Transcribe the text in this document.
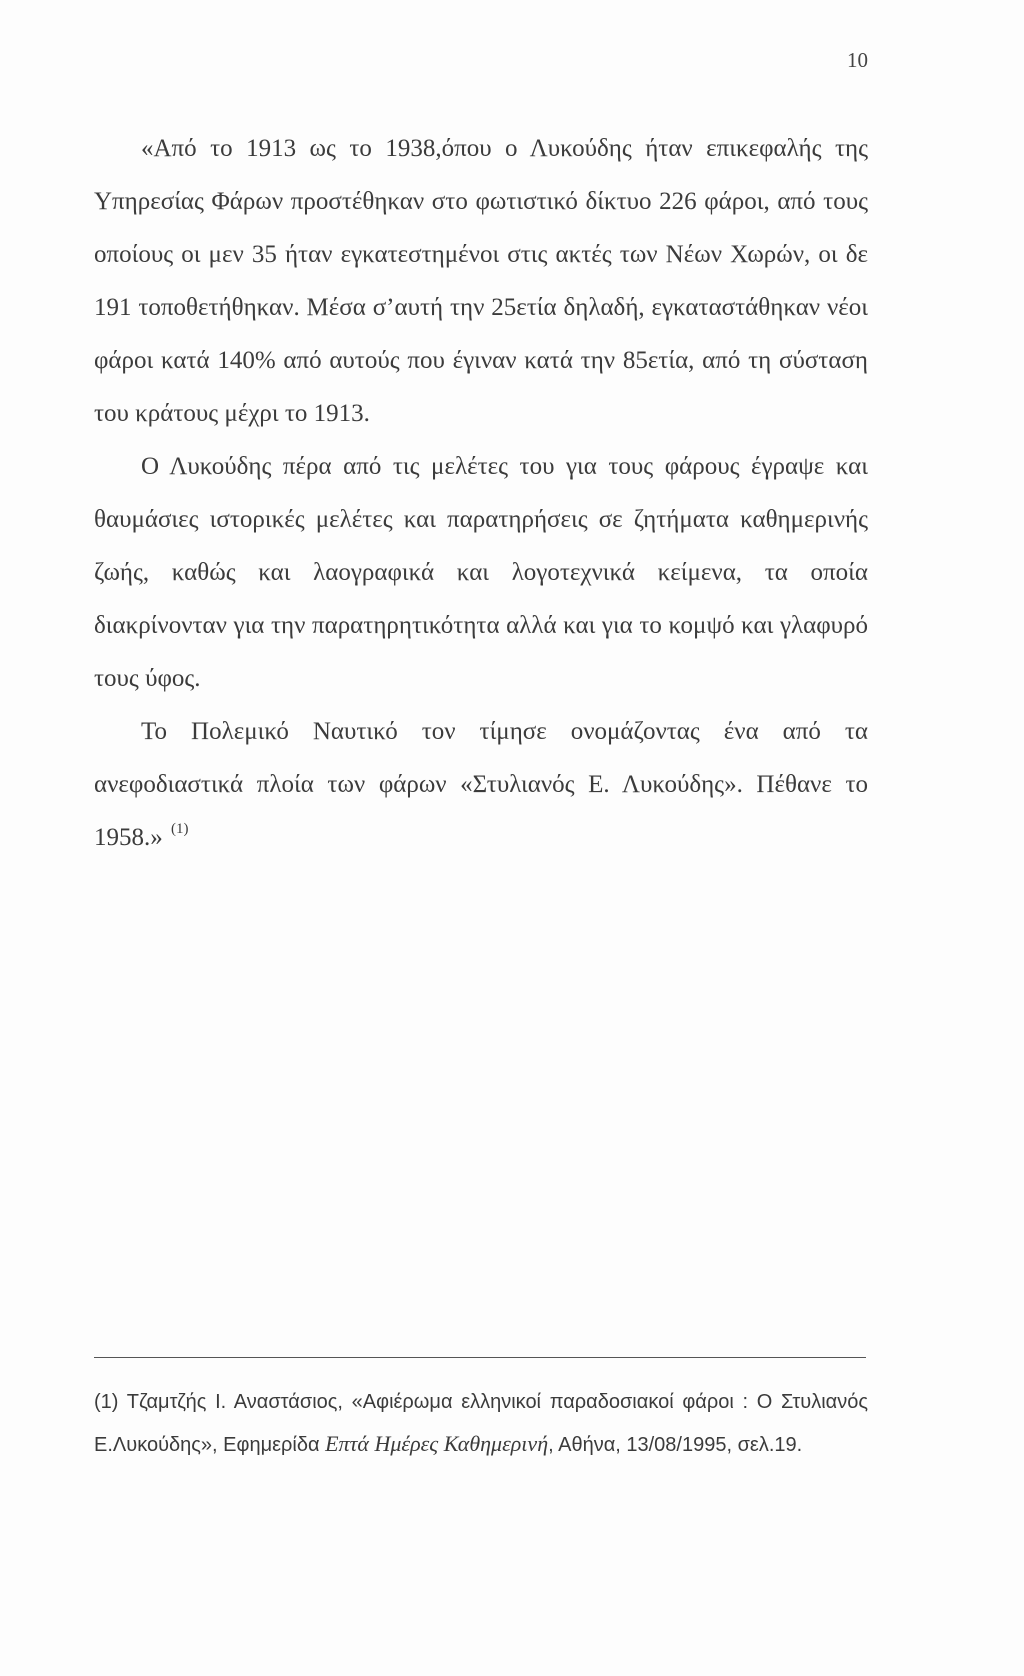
10

«Από το 1913 ως το 1938,όπου ο Λυκούδης ήταν επικεφαλής της Υπηρεσίας Φάρων προστέθηκαν στο φωτιστικό δίκτυο 226 φάροι, από τους οποίους οι μεν 35 ήταν εγκατεστημένοι στις ακτές των Νέων Χωρών, οι δε 191 τοποθετήθηκαν. Μέσα σ’αυτή την 25ετία δηλαδή, εγκαταστάθηκαν νέοι φάροι κατά 140% από αυτούς που έγιναν κατά την 85ετία, από τη σύσταση του κράτους μέχρι το 1913.

Ο Λυκούδης πέρα από τις μελέτες του για τους φάρους έγραψε και θαυμάσιες ιστορικές μελέτες και παρατηρήσεις σε ζητήματα καθημερινής ζωής, καθώς και λαογραφικά και λογοτεχνικά κείμενα, τα οποία διακρίνονταν για την παρατηρητικότητα αλλά και για το κομψό και γλαφυρό τους ύφος.

Το Πολεμικό Ναυτικό τον τίμησε ονομάζοντας ένα από τα ανεφοδιαστικά πλοία των φάρων «Στυλιανός Ε. Λυκούδης». Πέθανε το 1958.» $^{(1)}$

(1) Τζαμτζής Ι. Αναστάσιος, «Αφιέρωμα ελληνικοί παραδοσιακοί φάροι : Ο Στυλιανός Ε.Λυκούδης», Εφημερίδα Επτά Ημέρες Καθημερινή, Αθήνα, 13/08/1995, σελ.19.
